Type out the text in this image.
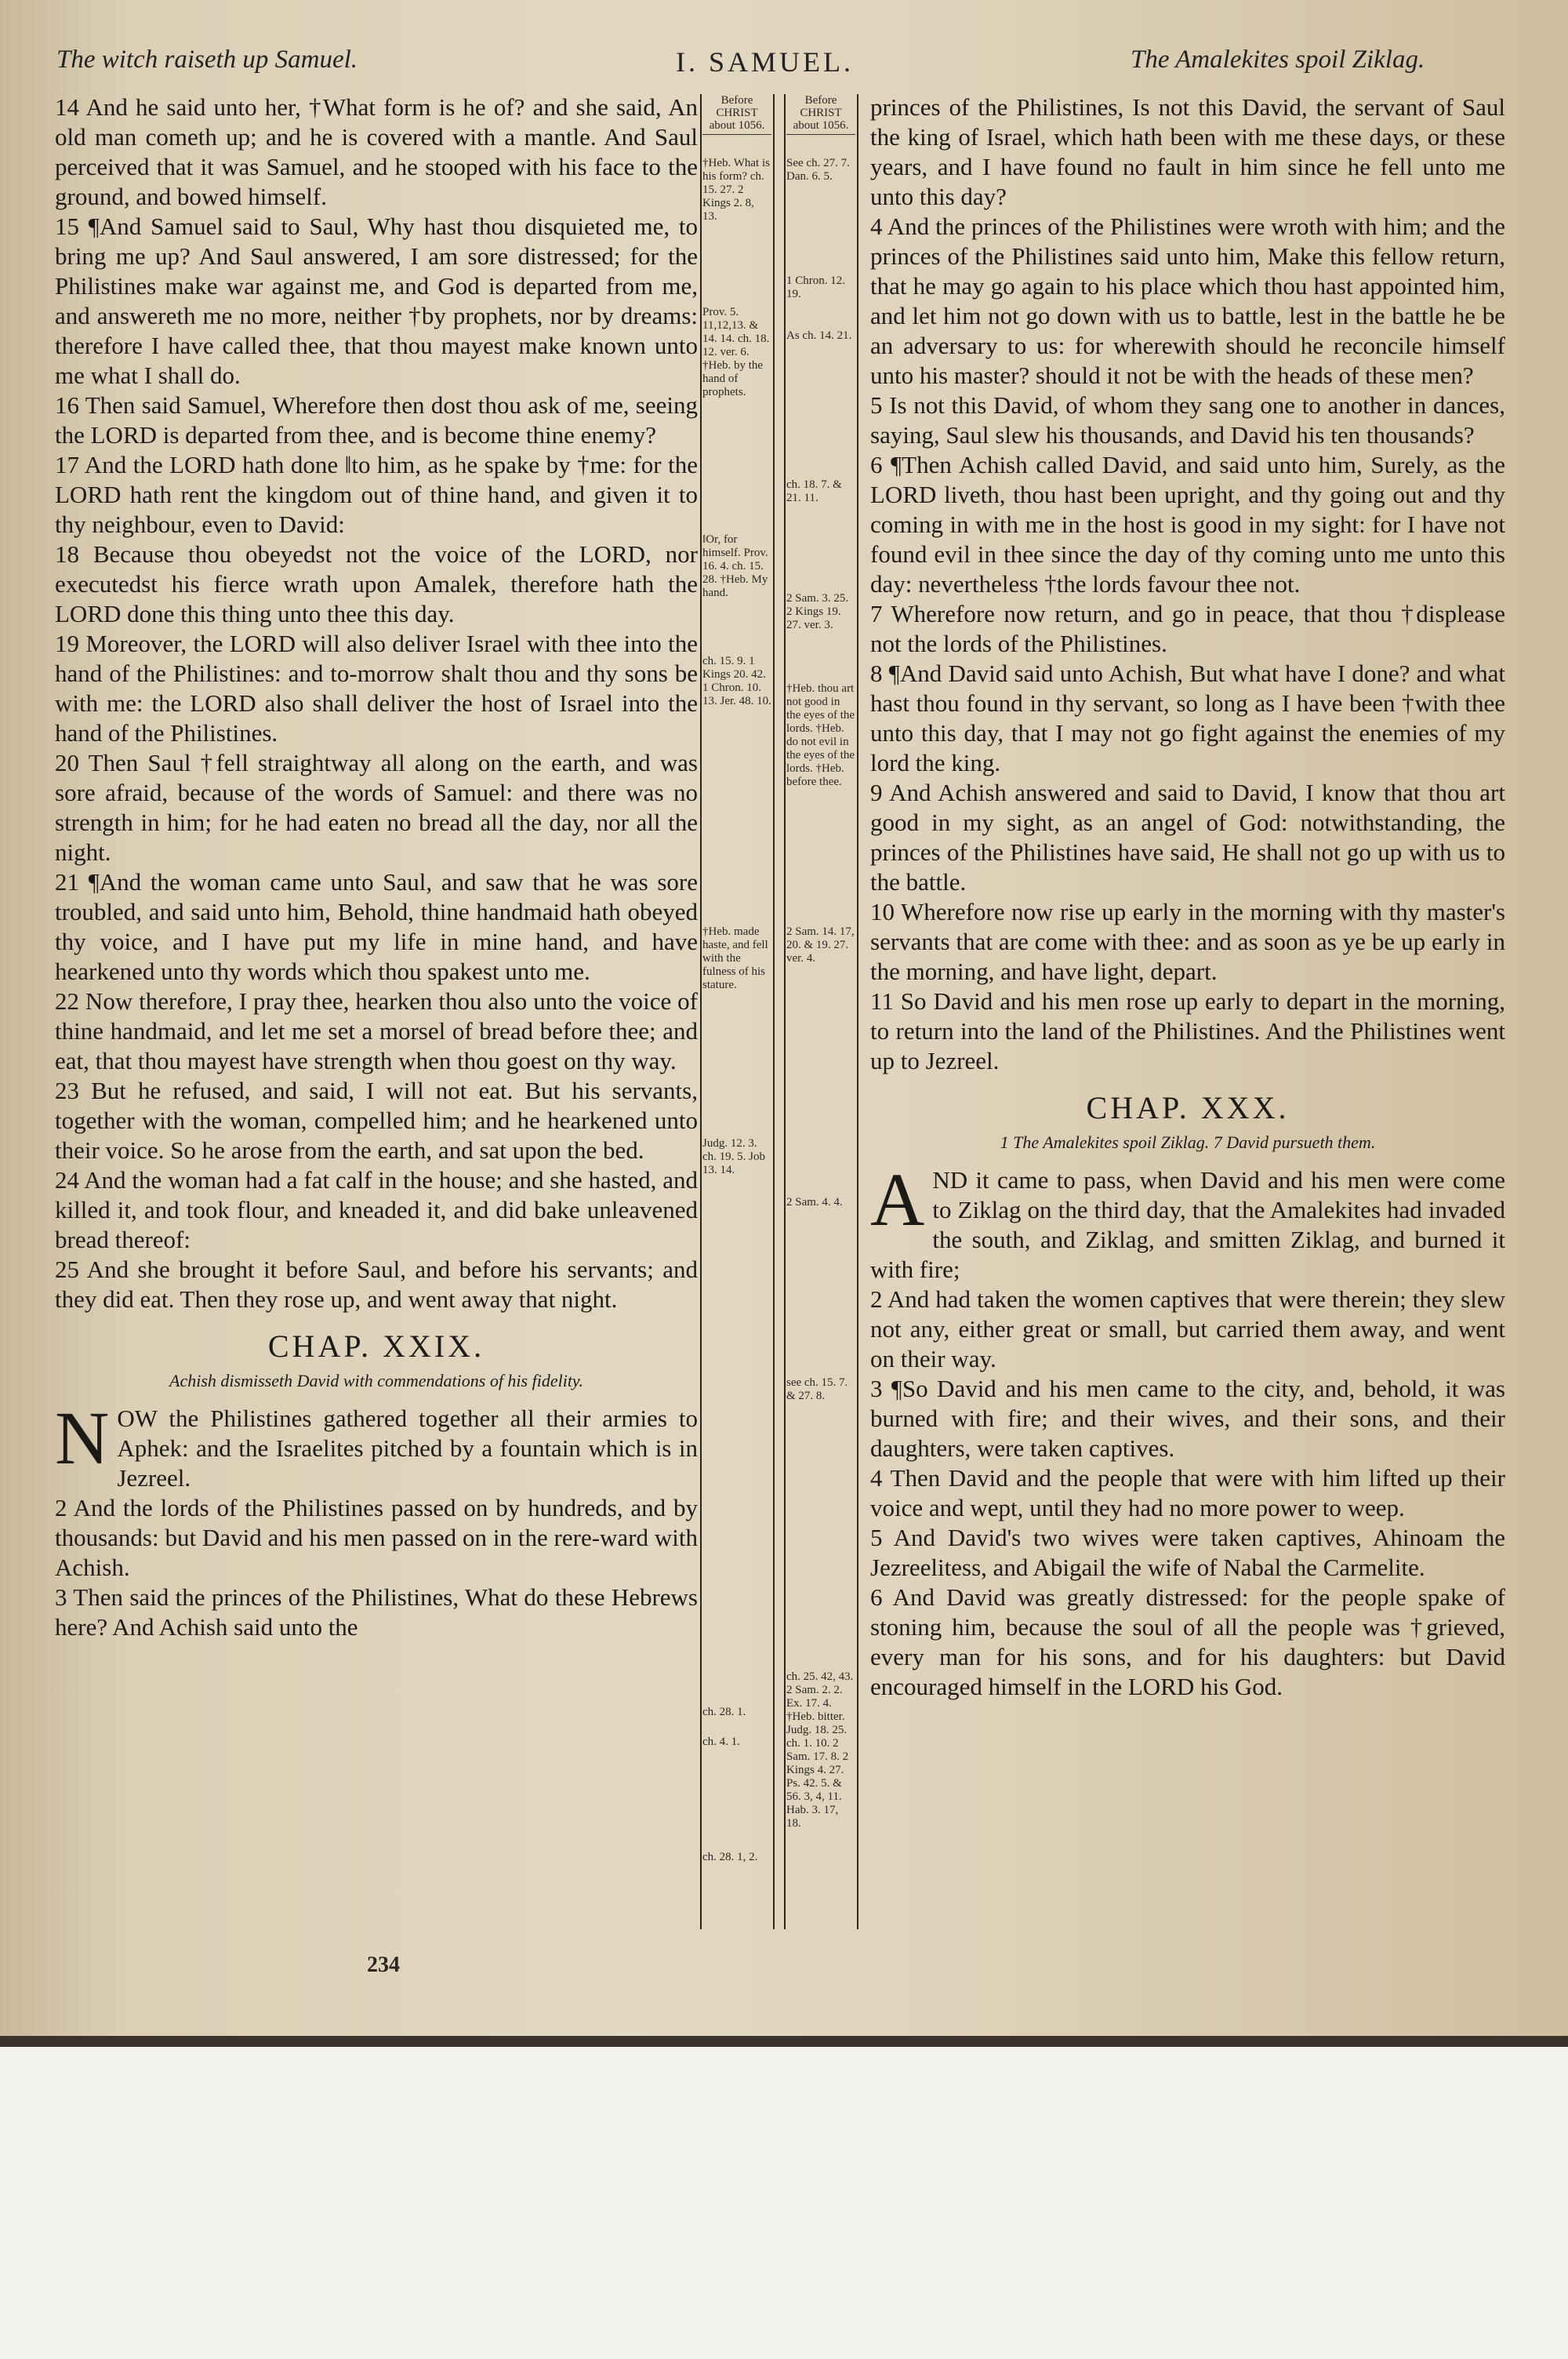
The witch raiseth up Samuel.	I. SAMUEL.	The Amalekites spoil Ziklag.

14 And he said unto her, †What form is he of? and she said, An old man cometh up; and he is covered with a mantle. And Saul perceived that it was Samuel, and he stooped with his face to the ground, and bowed himself.

15 ¶And Samuel said to Saul, Why hast thou disquieted me, to bring me up? And Saul answered, I am sore distressed; for the Philistines make war against me, and God is departed from me, and answereth me no more, neither †by prophets, nor by dreams: therefore I have called thee, that thou mayest make known unto me what I shall do.

16 Then said Samuel, Wherefore then dost thou ask of me, seeing the LORD is departed from thee, and is become thine enemy?

17 And the LORD hath done ‖to him, as he spake by †me: for the LORD hath rent the kingdom out of thine hand, and given it to thy neighbour, even to David:

18 Because thou obeyedst not the voice of the LORD, nor executedst his fierce wrath upon Amalek, therefore hath the LORD done this thing unto thee this day.

19 Moreover, the LORD will also deliver Israel with thee into the hand of the Philistines: and to-morrow shalt thou and thy sons be with me: the LORD also shall deliver the host of Israel into the hand of the Philistines.

20 Then Saul †fell straightway all along on the earth, and was sore afraid, because of the words of Samuel: and there was no strength in him; for he had eaten no bread all the day, nor all the night.

21 ¶And the woman came unto Saul, and saw that he was sore troubled, and said unto him, Behold, thine handmaid hath obeyed thy voice, and I have put my life in mine hand, and have hearkened unto thy words which thou spakest unto me.

22 Now therefore, I pray thee, hearken thou also unto the voice of thine handmaid, and let me set a morsel of bread before thee; and eat, that thou mayest have strength when thou goest on thy way.

23 But he refused, and said, I will not eat. But his servants, together with the woman, compelled him; and he hearkened unto their voice. So he arose from the earth, and sat upon the bed.

24 And the woman had a fat calf in the house; and she hasted, and killed it, and took flour, and kneaded it, and did bake unleavened bread thereof:

25 And she brought it before Saul, and before his servants; and they did eat. Then they rose up, and went away that night.

CHAP. XXIX.
Achish dismisseth David with commendations of his fidelity.

NOW the Philistines gathered together all their armies to Aphek: and the Israelites pitched by a fountain which is in Jezreel.

2 And the lords of the Philistines passed on by hundreds, and by thousands: but David and his men passed on in the rere-ward with Achish.

3 Then said the princes of the Philistines, What do these Hebrews here? And Achish said unto the

Before CHRIST about 1056.
†Heb. What is his form? ch. 15. 27. 2 Kings 2. 8, 13.
Prov. 5. 11,12,13. & 14. 14. ch. 18. 12. ver. 6. †Heb. by the hand of prophets.
‖Or, for himself. Prov. 16. 4. ch. 15. 28. †Heb. My hand.
ch. 15. 9. 1 Kings 20. 42. 1 Chron. 10. 13. Jer. 48. 10.
†Heb. made haste, and fell with the fulness of his stature.
Judg. 12. 3. ch. 19. 5. Job 13. 14.
ch. 28. 1.
ch. 4. 1.
ch. 28. 1, 2.
Before CHRIST about 1056.
See ch. 27. 7. Dan. 6. 5.
1 Chron. 12. 19.
As ch. 14. 21.
ch. 18. 7. & 21. 11.
2 Sam. 3. 25. 2 Kings 19. 27. ver. 3.
†Heb. thou art not good in the eyes of the lords. †Heb. do not evil in the eyes of the lords. †Heb. before thee.
2 Sam. 14. 17, 20. & 19. 27. ver. 4.
2 Sam. 4. 4.
see ch. 15. 7. & 27. 8.
ch. 25. 42, 43. 2 Sam. 2. 2. Ex. 17. 4. †Heb. bitter. Judg. 18. 25. ch. 1. 10. 2 Sam. 17. 8. 2 Kings 4. 27. Ps. 42. 5. & 56. 3, 4, 11. Hab. 3. 17, 18.

princes of the Philistines, Is not this David, the servant of Saul the king of Israel, which hath been with me these days, or these years, and I have found no fault in him since he fell unto me unto this day?

4 And the princes of the Philistines were wroth with him; and the princes of the Philistines said unto him, Make this fellow return, that he may go again to his place which thou hast appointed him, and let him not go down with us to battle, lest in the battle he be an adversary to us: for wherewith should he reconcile himself unto his master? should it not be with the heads of these men?

5 Is not this David, of whom they sang one to another in dances, saying, Saul slew his thousands, and David his ten thousands?

6 ¶Then Achish called David, and said unto him, Surely, as the LORD liveth, thou hast been upright, and thy going out and thy coming in with me in the host is good in my sight: for I have not found evil in thee since the day of thy coming unto me unto this day: nevertheless †the lords favour thee not.

7 Wherefore now return, and go in peace, that thou †displease not the lords of the Philistines.

8 ¶And David said unto Achish, But what have I done? and what hast thou found in thy servant, so long as I have been †with thee unto this day, that I may not go fight against the enemies of my lord the king.

9 And Achish answered and said to David, I know that thou art good in my sight, as an angel of God: notwithstanding, the princes of the Philistines have said, He shall not go up with us to the battle.

10 Wherefore now rise up early in the morning with thy master's servants that are come with thee: and as soon as ye be up early in the morning, and have light, depart.

11 So David and his men rose up early to depart in the morning, to return into the land of the Philistines. And the Philistines went up to Jezreel.

CHAP. XXX.
1 The Amalekites spoil Ziklag. 7 David pursueth them.

AND it came to pass, when David and his men were come to Ziklag on the third day, that the Amalekites had invaded the south, and Ziklag, and smitten Ziklag, and burned it with fire;

2 And had taken the women captives that were therein; they slew not any, either great or small, but carried them away, and went on their way.

3 ¶So David and his men came to the city, and, behold, it was burned with fire; and their wives, and their sons, and their daughters, were taken captives.

4 Then David and the people that were with him lifted up their voice and wept, until they had no more power to weep.

5 And David's two wives were taken captives, Ahinoam the Jezreelitess, and Abigail the wife of Nabal the Carmelite.

6 And David was greatly distressed: for the people spake of stoning him, because the soul of all the people was †grieved, every man for his sons, and for his daughters: but David encouraged himself in the LORD his God.

234
